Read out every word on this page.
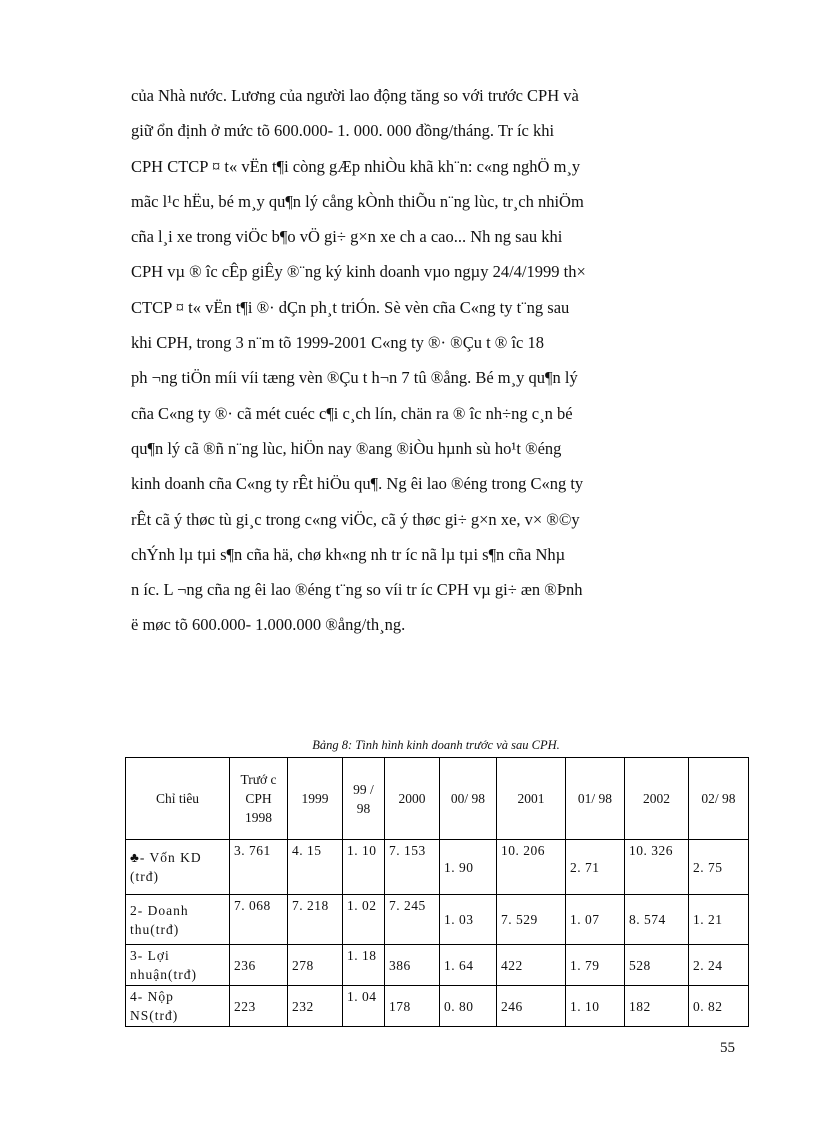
của Nhà nước. Lương của người lao động tăng so với trước CPH và
giữ ổn định ở mức tõ 600.000- 1. 000. 000 đồng/tháng. Tr íc khi
CPH CTCP ¤ t« vËn t¶i còng gÆp nhiÒu khã kh¨n: c«ng nghÖ m¸y
mãc l¹c hËu, bé m¸y qu¶n lý cång kÒnh thiÕu n¨ng lùc, tr¸ch nhiÖm
cña l¸i xe trong viÖc b¶o vÖ gi÷ g×n xe ch a cao... Nh ng sau khi
CPH vµ ® îc cÊp giÊy ®¨ng ký kinh doanh vµo ngµy 24/4/1999 th×
CTCP ¤ t« vËn t¶i ®· dÇn ph¸t triÓn. Sè vèn cña C«ng ty t¨ng sau
khi CPH, trong 3 n¨m tõ 1999-2001 C«ng ty ®· ®Çu t ® îc 18
ph ¬ng tiÖn míi víi tæng vèn ®Çu t h¬n 7 tû ®ång. Bé m¸y qu¶n lý
cña C«ng ty ®· cã mét cuéc c¶i c¸ch lín, chän ra ® îc nh÷ng c¸n bé
qu¶n lý cã ®ñ n¨ng lùc, hiÖn nay ®ang ®iÒu hµnh sù ho¹t ®éng
kinh doanh cña C«ng ty rÊt hiÖu qu¶. Ng êi lao ®éng trong C«ng ty
rÊt cã ý thøc tù gi¸c trong c«ng viÖc, cã ý thøc gi÷ g×n xe, v× ®©y
chÝnh lµ tµi s¶n cña hä, chø kh«ng nh tr íc nã lµ tµi s¶n cña Nhµ
n íc. L ¬ng cña ng êi lao ®éng t¨ng so víi tr íc CPH vµ gi÷ æn ®Þnh
ë møc tõ 600.000- 1.000.000 ®ång/th¸ng.

Bảng 8: Tình hình kinh doanh trước và sau CPH.

Chỉ tiêu	Trướ c CPH 1998	1999	99 / 98	2000	00/ 98	2001	01/ 98	2002	02/ 98
♣- Vốn KD (trđ)	3. 761	4. 15	1. 10	7. 153	1. 90	10. 206	2. 71	10. 326	2. 75
2- Doanh thu(trđ)	7. 068	7. 218	1. 02	7. 245	1. 03	7. 529	1. 07	8. 574	1. 21
3- Lợi nhuận(trđ)	236	278	1. 18	386	1. 64	422	1. 79	528	2. 24
4- Nộp NS(trđ)	223	232	1. 04	178	0. 80	246	1. 10	182	0. 82
55
